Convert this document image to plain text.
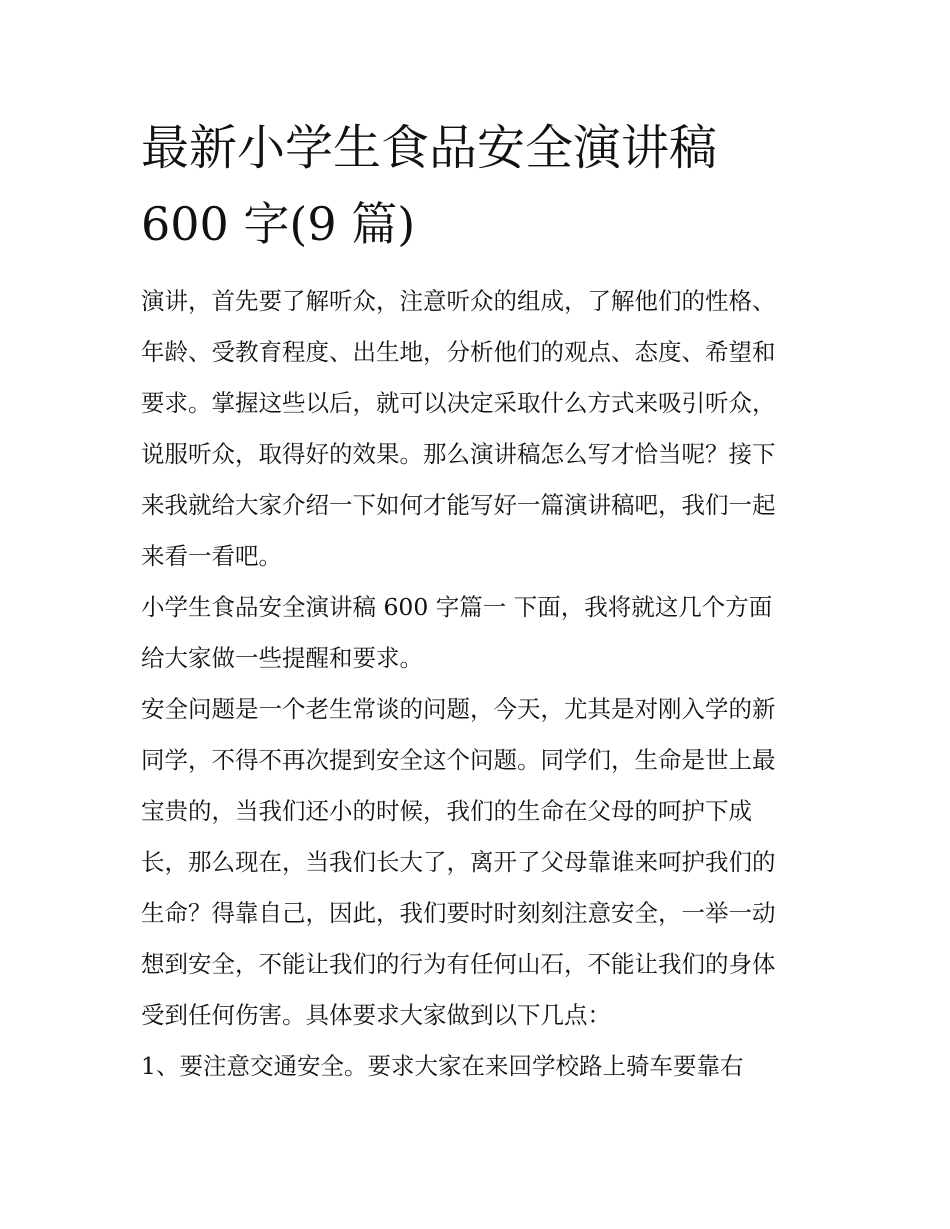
最新小学生食品安全演讲稿
600 字(9 篇)
演讲，首先要了解听众，注意听众的组成，了解他们的性格、
年龄、受教育程度、出生地，分析他们的观点、态度、希望和
要求。掌握这些以后，就可以决定采取什么方式来吸引听众，
说服听众，取得好的效果。那么演讲稿怎么写才恰当呢？接下
来我就给大家介绍一下如何才能写好一篇演讲稿吧，我们一起
来看一看吧。
小学生食品安全演讲稿 600 字篇一 下面，我将就这几个方面
给大家做一些提醒和要求。
安全问题是一个老生常谈的问题，今天，尤其是对刚入学的新
同学，不得不再次提到安全这个问题。同学们，生命是世上最
宝贵的，当我们还小的时候，我们的生命在父母的呵护下成
长，那么现在，当我们长大了，离开了父母靠谁来呵护我们的
生命？得靠自己，因此，我们要时时刻刻注意安全，一举一动
想到安全，不能让我们的行为有任何山石，不能让我们的身体
受到任何伤害。具体要求大家做到以下几点：
1、要注意交通安全。要求大家在来回学校路上骑车要靠右
